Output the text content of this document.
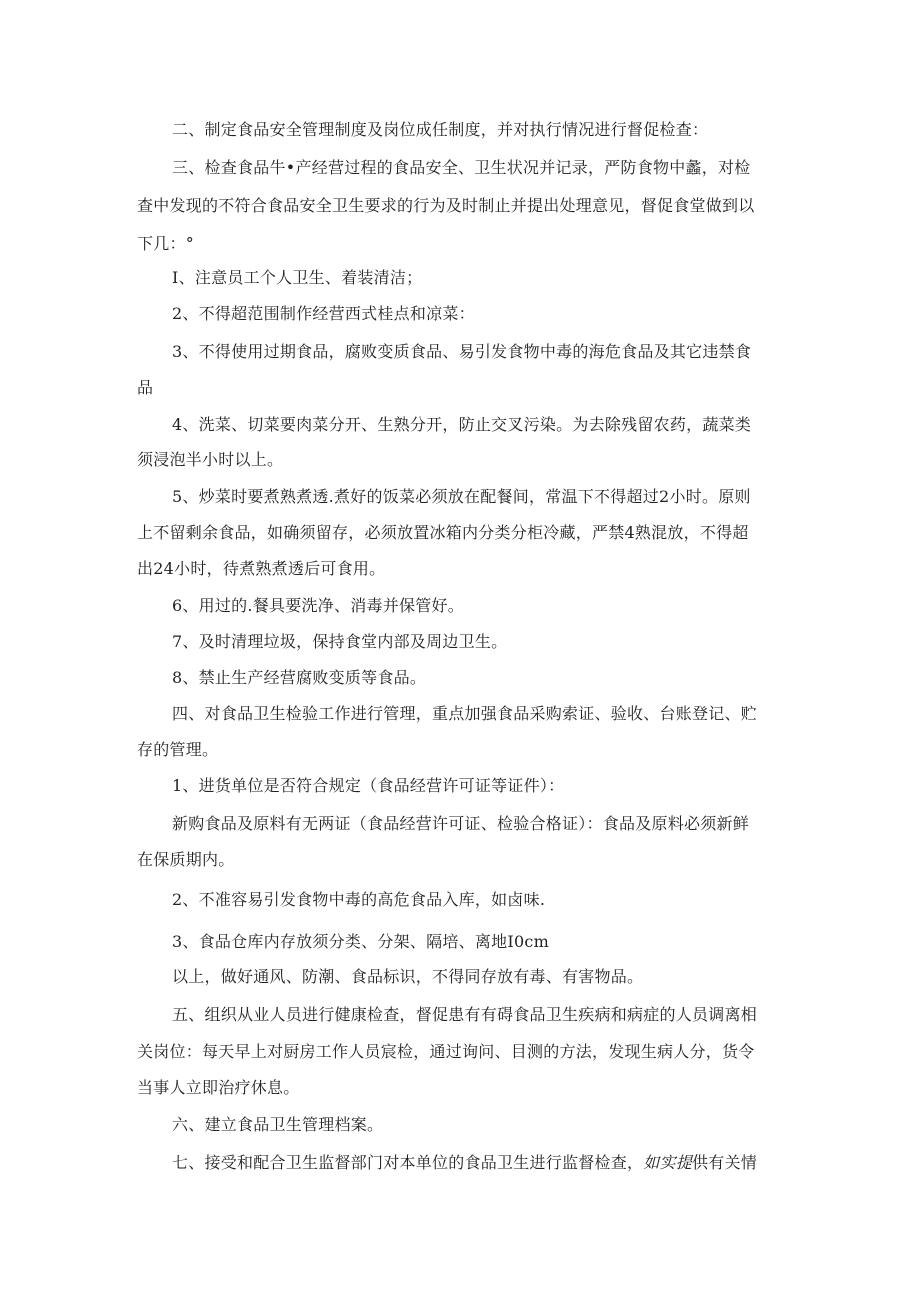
二、制定食品安全管理制度及岗位成任制度，并对执行情况进行督促检查：
三、检查食品牛•产经营过程的食品安全、卫生状况并记录，严防食物中蠡，对检
查中发现的不符合食品安全卫生要求的行为及时制止并提出处理意见，督促食堂做到以
下几：°
I、注意员工个人卫生、着装清洁；
2、不得超范围制作经营西式桂点和凉菜：
3、不得使用过期食品，腐败变质食品、易引发食物中毒的海危食品及其它违禁食
品
4、洗菜、切菜要肉菜分开、生熟分开，防止交叉污染。为去除残留农药，蔬菜类
须浸泡半小时以上。
5、炒菜时要煮熟煮透.煮好的饭菜必须放在配餐间，常温下不得超过2小时。原则
上不留剩余食品，如确须留存，必须放置冰箱内分类分柜冷藏，严禁4熟混放，不得超
出24小时，待煮熟煮透后可食用。
6、用过的.餐具要洗净、消毒并保管好。
7、及时清理垃圾，保持食堂内部及周边卫生。
8、禁止生产经营腐败变质等食品。
四、对食品卫生检验工作进行管理，重点加强食品采购索证、验收、台账登记、贮
存的管理。
1、进货单位是否符合规定（食品经营许可证等证件）：
新购食品及原料有无两证（食品经营许可证、检验合格证）：食品及原料必须新鲜
在保质期内。
2、不准容易引发食物中毒的高危食品入库，如卤味.
3、食品仓库内存放须分类、分架、隔培、离地I0cm
以上，做好通风、防潮、食品标识，不得同存放有毒、有害物品。
五、组织从业人员进行健康检查，督促患有有碍食品卫生疾病和病症的人员调离相
关岗位：每天早上对厨房工作人员宸检，通过询问、目测的方法，发现生病人分，货令
当事人立即治疗休息。
六、建立食品卫生管理档案。
七、接受和配合卫生监督部门对本单位的食品卫生进行监督检查，如实提供有关情
